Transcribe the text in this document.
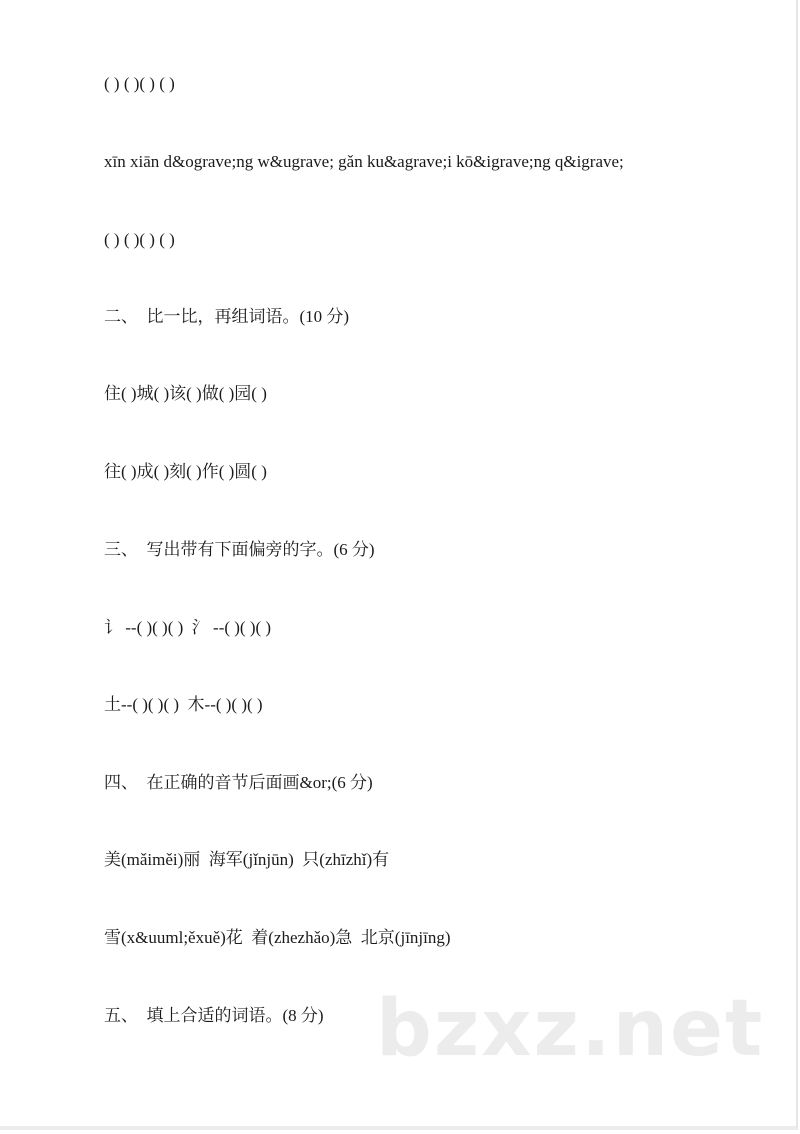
( ) ( )( ) ( )
xīn xiān d&ograve;ng w&ugrave; gǎn ku&agrave;i kō&igrave;ng q&igrave;
( ) ( )( ) ( )
二、  比一比，再组词语。(10 分)
住( )城( )该( )做( )园( )
往( )成( )刻( )作( )圆( )
三、  写出带有下面偏旁的字。(6 分)
讠 --( )( )( )  氵 --( )( )( )
土--( )( )( )  木--( )( )( )
四、  在正确的音节后面画&or;(6 分)
美(mǎiměi)丽  海军(jǐnjūn)  只(zhīzhǐ)有
雪(x&uuml;ěxuě)花  着(zhezhǎo)急  北京(jīnjīng)
五、  填上合适的词语。(8 分) bzxz.net
